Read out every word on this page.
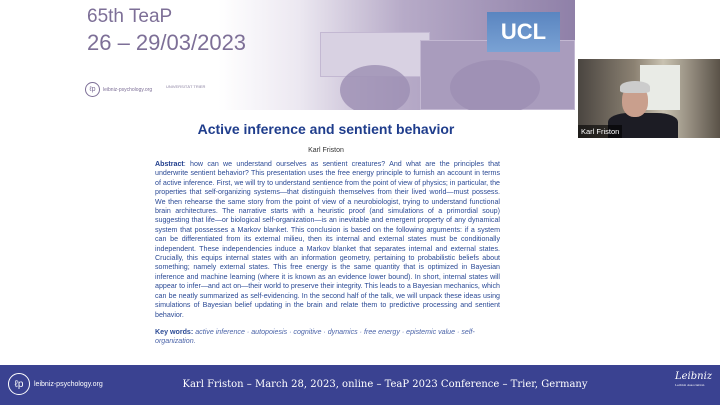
65th TeaP
26 – 29/03/2023
ℓp	leibniz-psychology.org	UNIVERSITÄT TRIER
UCL
Active inference and sentient behavior
Karl Friston
Abstract: how can we understand ourselves as sentient creatures? And what are the principles that underwrite sentient behavior? This presentation uses the free energy principle to furnish an account in terms of active inference. First, we will try to understand sentience from the point of view of physics; in particular, the properties that self-organizing systems—that distinguish themselves from their lived world—must possess. We then rehearse the same story from the point of view of a neurobiologist, trying to understand functional brain architectures. The narrative starts with a heuristic proof (and simulations of a primordial soup) suggesting that life—or biological self-organization—is an inevitable and emergent property of any dynamical system that possesses a Markov blanket. This conclusion is based on the following arguments: if a system can be differentiated from its external milieu, then its internal and external states must be conditionally independent. These independencies induce a Markov blanket that separates internal and external states. Crucially, this equips internal states with an information geometry, pertaining to probabilistic beliefs about something; namely external states. This free energy is the same quantity that is optimized in Bayesian inference and machine learning (where it is known as an evidence lower bound). In short, internal states will appear to infer—and act on—their world to preserve their integrity. This leads to a Bayesian mechanics, which can be neatly summarized as self-evidencing. In the second half of the talk, we will unpack these ideas using simulations of Bayesian belief updating in the brain and relate them to predictive processing and sentient behavior.
Key words: active inference · autopoiesis · cognitive · dynamics · free energy · epistemic value · self-organization.
Karl Friston
ℓp	leibniz-psychology.org	Karl Friston – March 28, 2023, online – TeaP 2023 Conference – Trier, Germany
Leibniz
Leibniz Association
